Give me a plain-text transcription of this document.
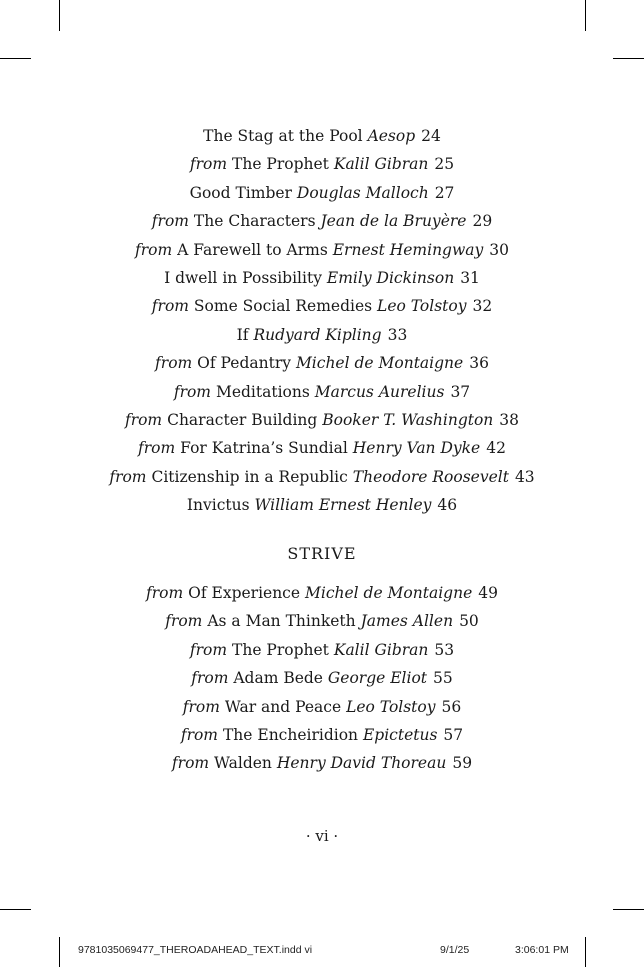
The Stag at the Pool Aesop 24
from The Prophet Kalil Gibran 25
Good Timber Douglas Malloch 27
from The Characters Jean de la Bruyère 29
from A Farewell to Arms Ernest Hemingway 30
I dwell in Possibility Emily Dickinson 31
from Some Social Remedies Leo Tolstoy 32
If Rudyard Kipling 33
from Of Pedantry Michel de Montaigne 36
from Meditations Marcus Aurelius 37
from Character Building Booker T. Washington 38
from For Katrina’s Sundial Henry Van Dyke 42
from Citizenship in a Republic Theodore Roosevelt 43
Invictus William Ernest Henley 46
STRIVE
from Of Experience Michel de Montaigne 49
from As a Man Thinketh James Allen 50
from The Prophet Kalil Gibran 53
from Adam Bede George Eliot 55
from War and Peace Leo Tolstoy 56
from The Encheiridion Epictetus 57
from Walden Henry David Thoreau 59
· vi ·
9781035069477_THEROADAHEAD_TEXT.indd vi	9/1/25	3:06:01 PM
